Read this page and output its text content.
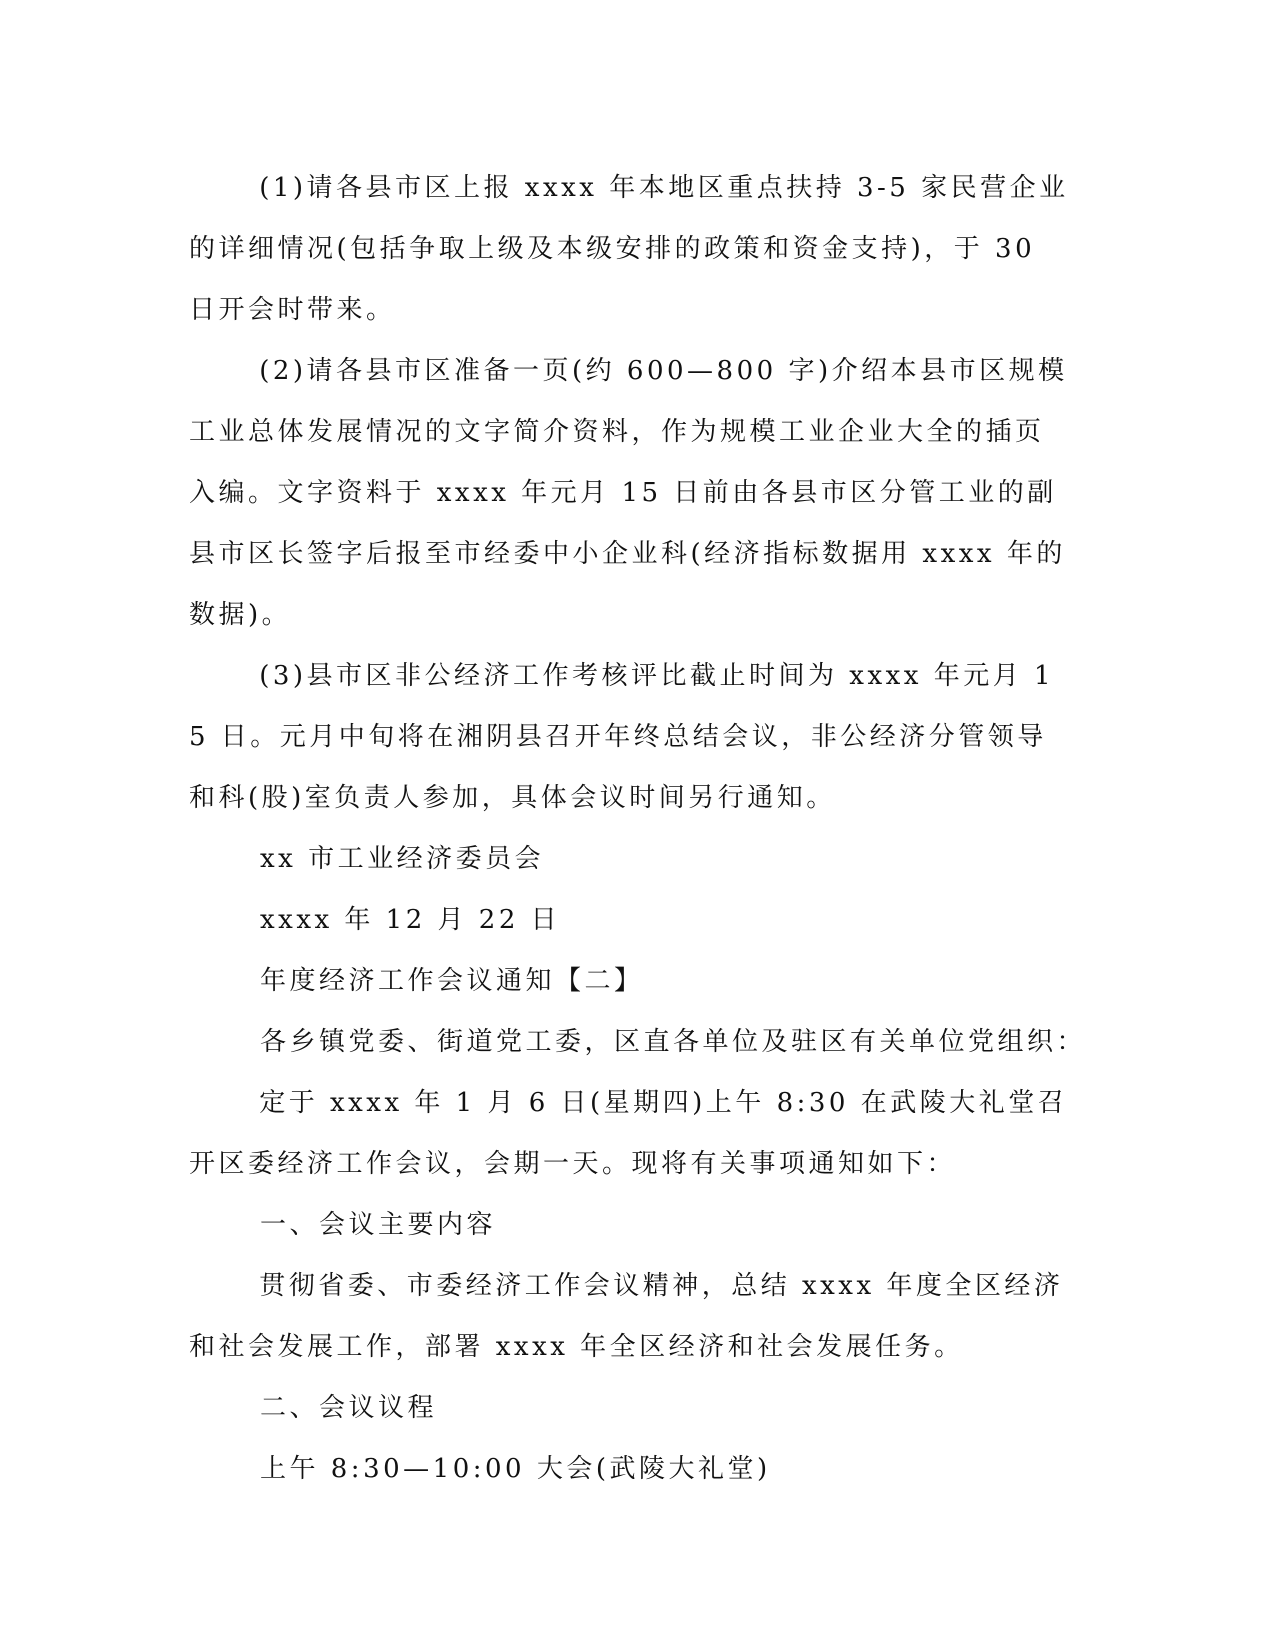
(1)请各县市区上报 xxxx 年本地区重点扶持 3-5 家民营企业的详细情况(包括争取上级及本级安排的政策和资金支持)，于 30 日开会时带来。

(2)请各县市区准备一页(约 600—800 字)介绍本县市区规模工业总体发展情况的文字简介资料，作为规模工业企业大全的插页入编。文字资料于 xxxx 年元月 15 日前由各县市区分管工业的副县市区长签字后报至市经委中小企业科(经济指标数据用 xxxx 年的数据)。

(3)县市区非公经济工作考核评比截止时间为 xxxx 年元月 15 日。元月中旬将在湘阴县召开年终总结会议，非公经济分管领导和科(股)室负责人参加，具体会议时间另行通知。

xx 市工业经济委员会

xxxx 年 12 月 22 日

年度经济工作会议通知【二】

各乡镇党委、街道党工委，区直各单位及驻区有关单位党组织：

定于 xxxx 年 1 月 6 日(星期四)上午 8:30 在武陵大礼堂召开区委经济工作会议，会期一天。现将有关事项通知如下：

一、会议主要内容

贯彻省委、市委经济工作会议精神，总结 xxxx 年度全区经济和社会发展工作，部署 xxxx 年全区经济和社会发展任务。

二、会议议程

上午 8:30—10:00 大会(武陵大礼堂)
